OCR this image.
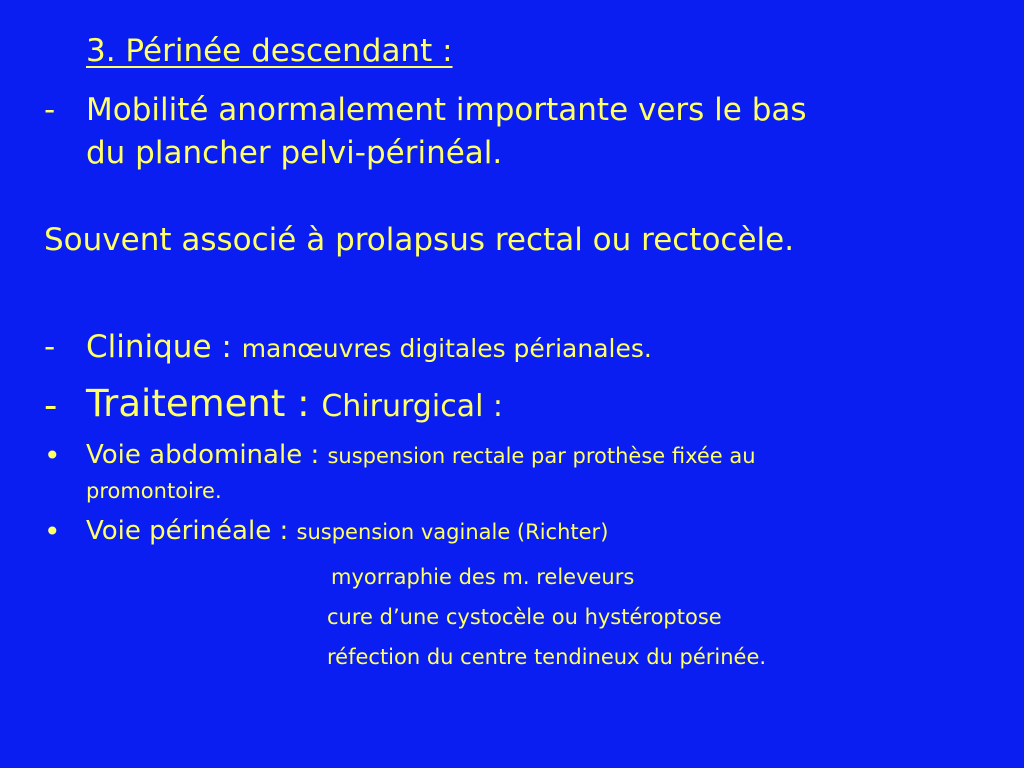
3. Périnée descendant :
- Mobilité anormalement importante vers le bas
du plancher pelvi-périnéal.
Souvent associé à prolapsus rectal ou rectocèle.
- Clinique : manœuvres digitales périanales.
- Traitement : Chirurgical :
• Voie abdominale : suspension rectale par prothèse fixée au
promontoire.
• Voie périnéale : suspension vaginale (Richter)
myorraphie des m. releveurs
cure d’une cystocèle ou hystéroptose
réfection du centre tendineux du périnée.
